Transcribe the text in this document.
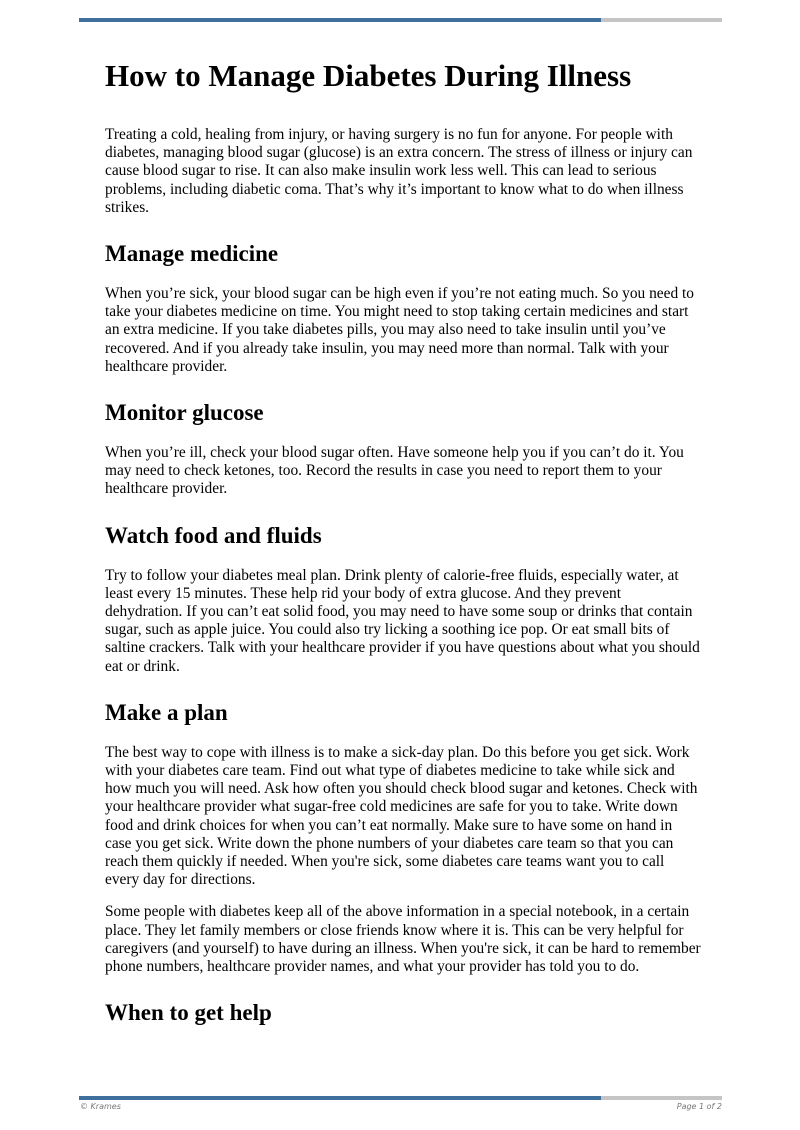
How to Manage Diabetes During Illness

Treating a cold, healing from injury, or having surgery is no fun for anyone. For people with diabetes, managing blood sugar (glucose) is an extra concern. The stress of illness or injury can cause blood sugar to rise. It can also make insulin work less well. This can lead to serious problems, including diabetic coma. That’s why it’s important to know what to do when illness strikes.

Manage medicine

When you’re sick, your blood sugar can be high even if you’re not eating much. So you need to take your diabetes medicine on time. You might need to stop taking certain medicines and start an extra medicine. If you take diabetes pills, you may also need to take insulin until you’ve recovered. And if you already take insulin, you may need more than normal. Talk with your healthcare provider.

Monitor glucose

When you’re ill, check your blood sugar often. Have someone help you if you can’t do it. You may need to check ketones, too. Record the results in case you need to report them to your healthcare provider.

Watch food and fluids

Try to follow your diabetes meal plan. Drink plenty of calorie-free fluids, especially water, at least every 15 minutes. These help rid your body of extra glucose. And they prevent dehydration. If you can’t eat solid food, you may need to have some soup or drinks that contain sugar, such as apple juice. You could also try licking a soothing ice pop. Or eat small bits of saltine crackers. Talk with your healthcare provider if you have questions about what you should eat or drink.

Make a plan

The best way to cope with illness is to make a sick-day plan. Do this before you get sick. Work with your diabetes care team. Find out what type of diabetes medicine to take while sick and how much you will need. Ask how often you should check blood sugar and ketones. Check with your healthcare provider what sugar-free cold medicines are safe for you to take. Write down food and drink choices for when you can’t eat normally. Make sure to have some on hand in case you get sick. Write down the phone numbers of your diabetes care team so that you can reach them quickly if needed. When you're sick, some diabetes care teams want you to call every day for directions.

Some people with diabetes keep all of the above information in a special notebook, in a certain place. They let family members or close friends know where it is. This can be very helpful for caregivers (and yourself) to have during an illness. When you're sick, it can be hard to remember phone numbers, healthcare provider names, and what your provider has told you to do.

When to get help
© Krames	Page 1 of 2
